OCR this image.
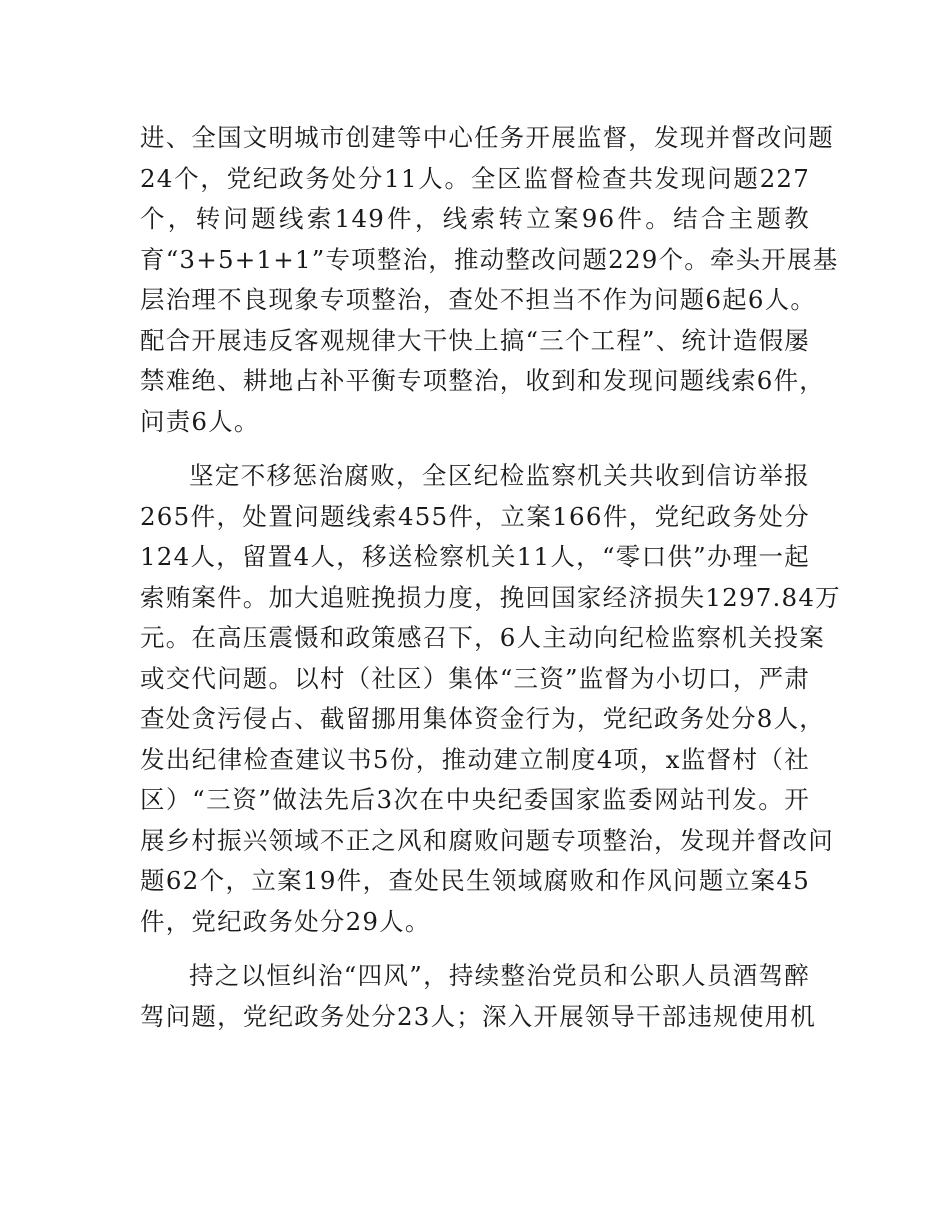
进、全国文明城市创建等中心任务开展监督，发现并督改问题
24个，党纪政务处分11人。全区监督检查共发现问题227
个，转问题线索149件，线索转立案96件。结合主题教
育“3+5+1+1”专项整治，推动整改问题229个。牵头开展基
层治理不良现象专项整治，查处不担当不作为问题6起6人。
配合开展违反客观规律大干快上搞“三个工程”、统计造假屡
禁难绝、耕地占补平衡专项整治，收到和发现问题线索6件，
问责6人。
坚定不移惩治腐败，全区纪检监察机关共收到信访举报
265件，处置问题线索455件，立案166件，党纪政务处分
124人，留置4人，移送检察机关11人，“零口供”办理一起
索贿案件。加大追赃挽损力度，挽回国家经济损失1297.84万
元。在高压震慑和政策感召下，6人主动向纪检监察机关投案
或交代问题。以村（社区）集体“三资”监督为小切口，严肃
查处贪污侵占、截留挪用集体资金行为，党纪政务处分8人，
发出纪律检查建议书5份，推动建立制度4项，x监督村（社
区）“三资”做法先后3次在中央纪委国家监委网站刊发。开
展乡村振兴领域不正之风和腐败问题专项整治，发现并督改问
题62个，立案19件，查处民生领域腐败和作风问题立案45
件，党纪政务处分29人。
持之以恒纠治“四风”，持续整治党员和公职人员酒驾醉
驾问题，党纪政务处分23人；深入开展领导干部违规使用机
